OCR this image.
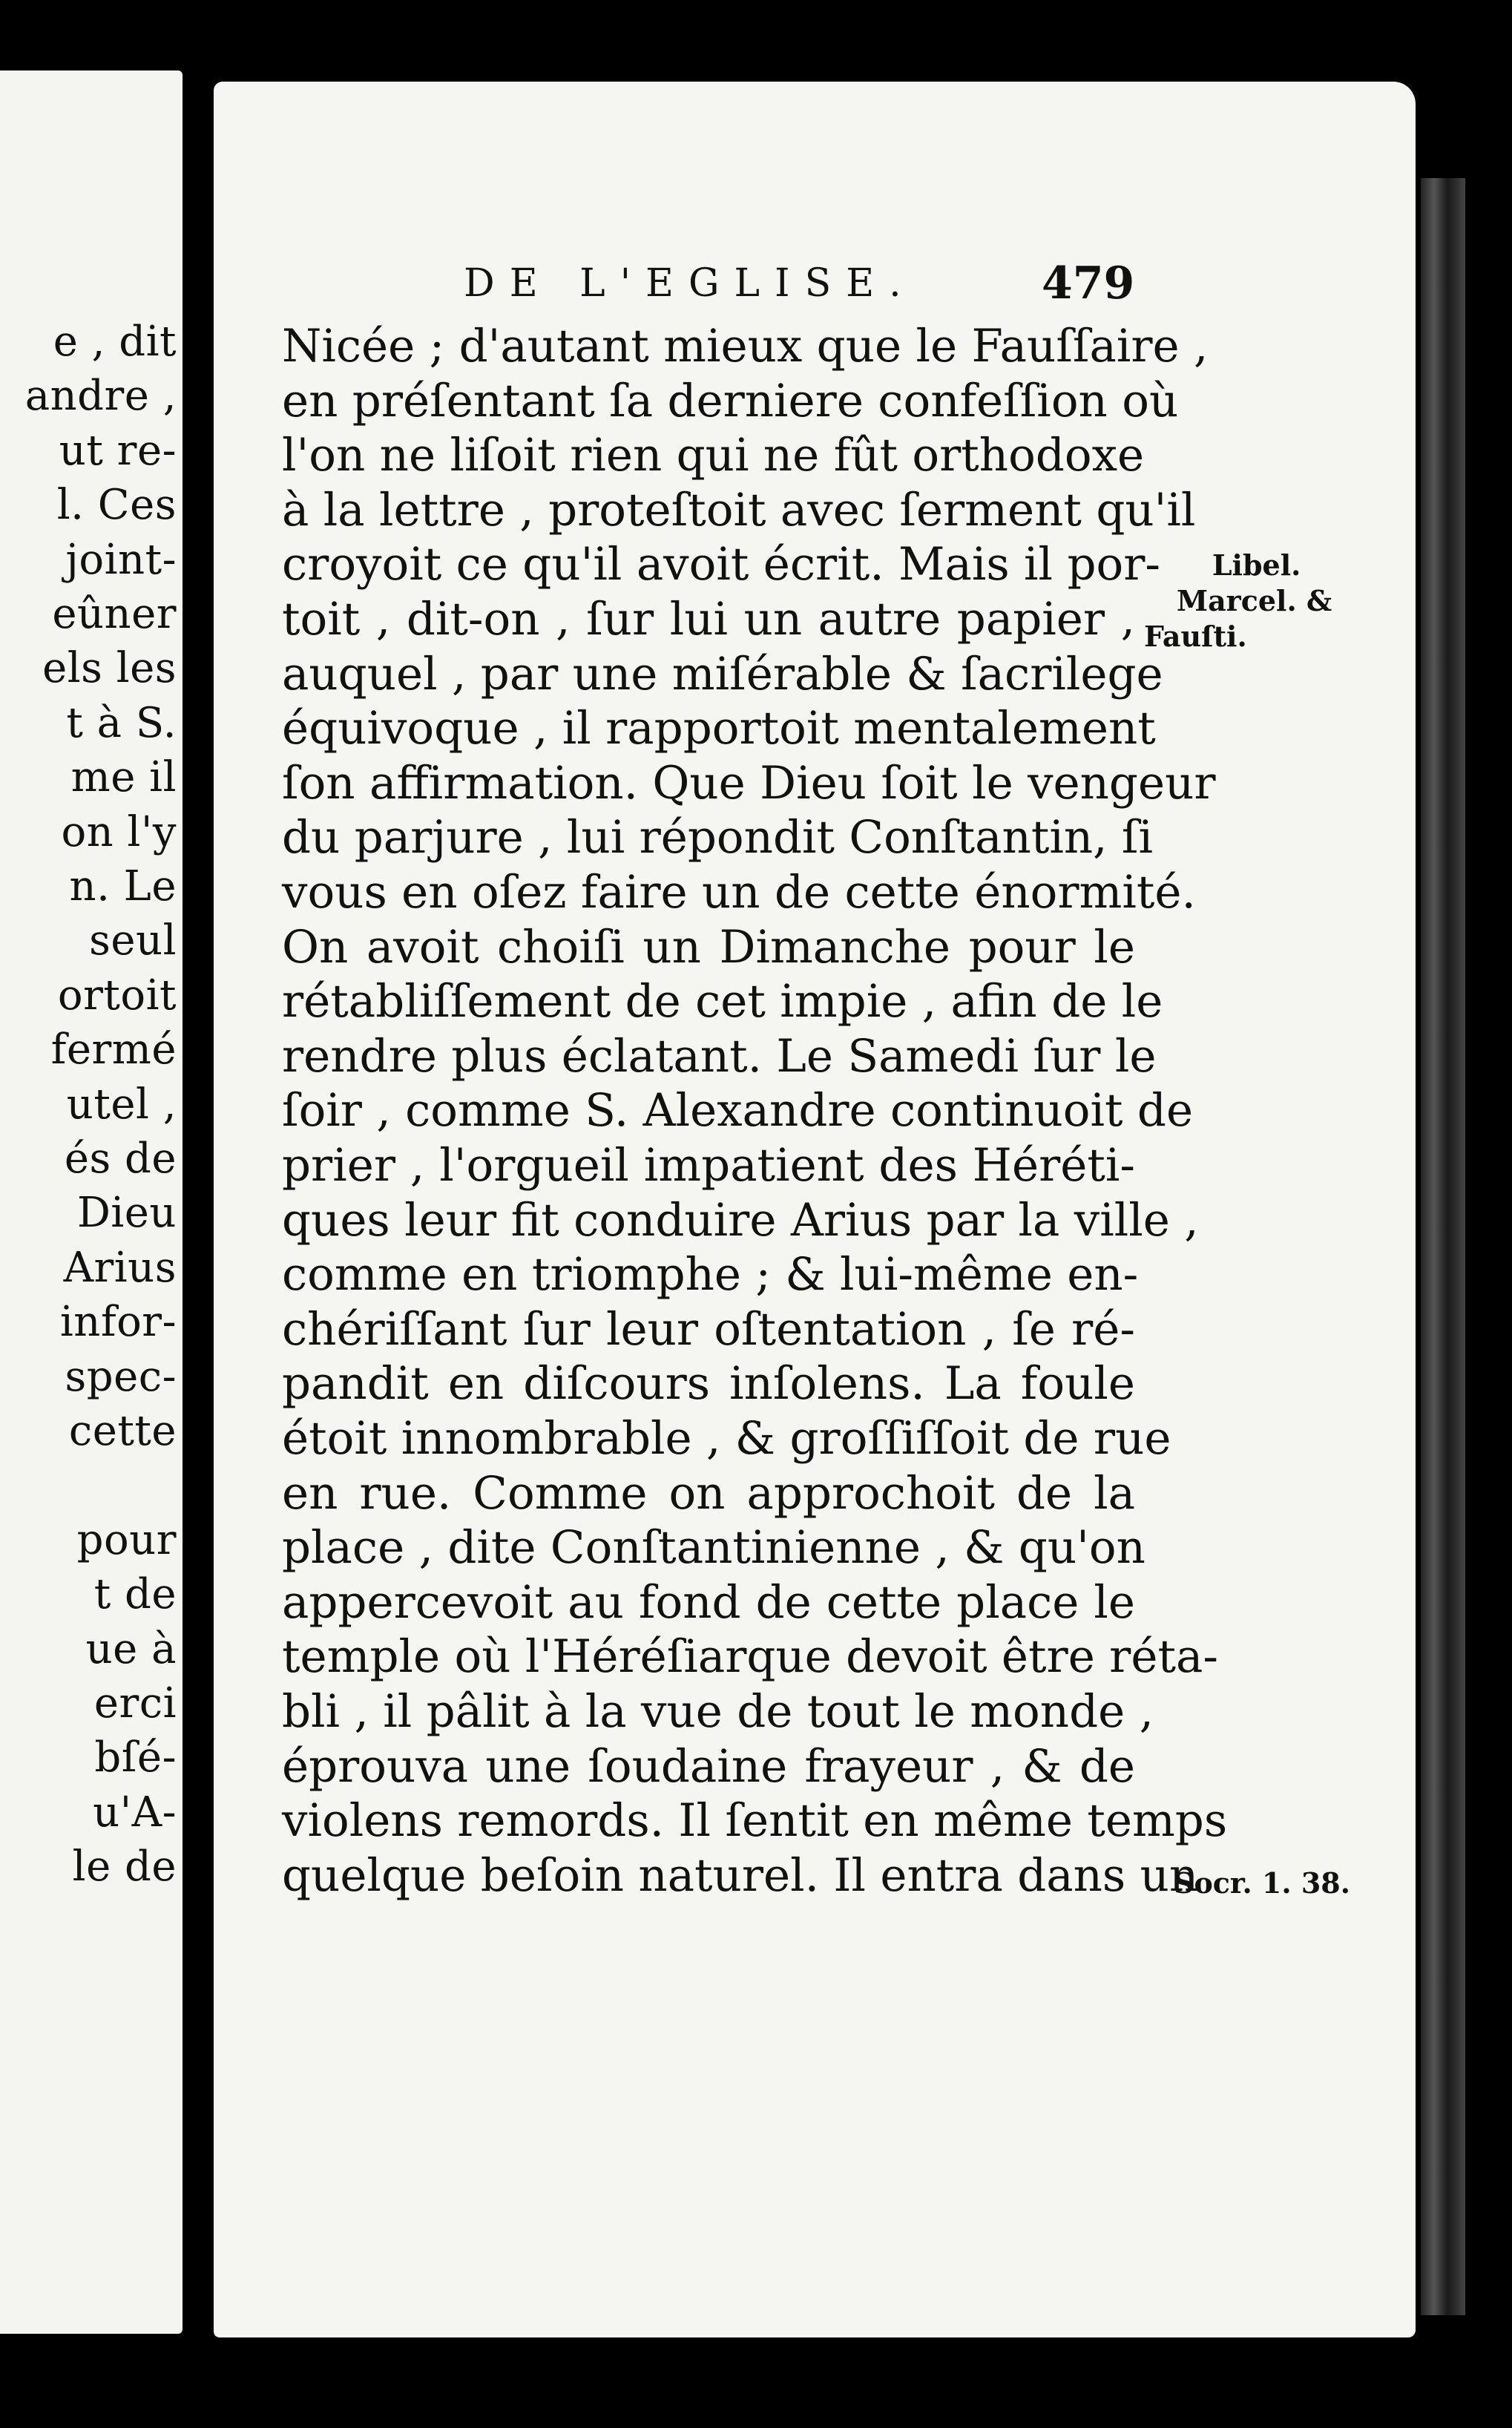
e , dit
andre ,
ut re-
l. Ces
joint-
eûner
els les
t à S.
me il
on l'y
n. Le
seul
ortoit
fermé
utel ,
és de
Dieu
Arius
infor-
spec-
cette
pour
t de
ue à
erci
bſé-
u'A-
le de
DE L'EGLISE.	479
Nicée ; d'autant mieux que le Fauſſaire ,
en préſentant ſa derniere confeſſion où
l'on ne liſoit rien qui ne fût orthodoxe
à la lettre , proteſtoit avec ſerment qu'il
croyoit ce qu'il avoit écrit. Mais il por-
toit , dit-on , ſur lui un autre papier ,
auquel , par une miſérable & ſacrilege
équivoque , il rapportoit mentalement
ſon affirmation. Que Dieu ſoit le vengeur
du parjure , lui répondit Conſtantin, ſi
vous en oſez faire un de cette énormité.
On avoit choiſi un Dimanche pour le
rétabliſſement de cet impie , afin de le
rendre plus éclatant. Le Samedi ſur le
ſoir , comme S. Alexandre continuoit de
prier , l'orgueil impatient des Héréti-
ques leur fit conduire Arius par la ville ,
comme en triomphe ; & lui-même en-
chériſſant ſur leur oſtentation , ſe ré-
pandit en diſcours inſolens. La foule
étoit innombrable , & groſſiſſoit de rue
en rue. Comme on approchoit de la
place , dite Conſtantinienne , & qu'on
appercevoit au fond de cette place le
temple où l'Héréſiarque devoit être réta-
bli , il pâlit à la vue de tout le monde ,
éprouva une ſoudaine frayeur , & de
violens remords. Il ſentit en même temps
quelque beſoin naturel. Il entra dans un
Libel.
Marcel. &
Fauſti.
Socr. 1. 38.
